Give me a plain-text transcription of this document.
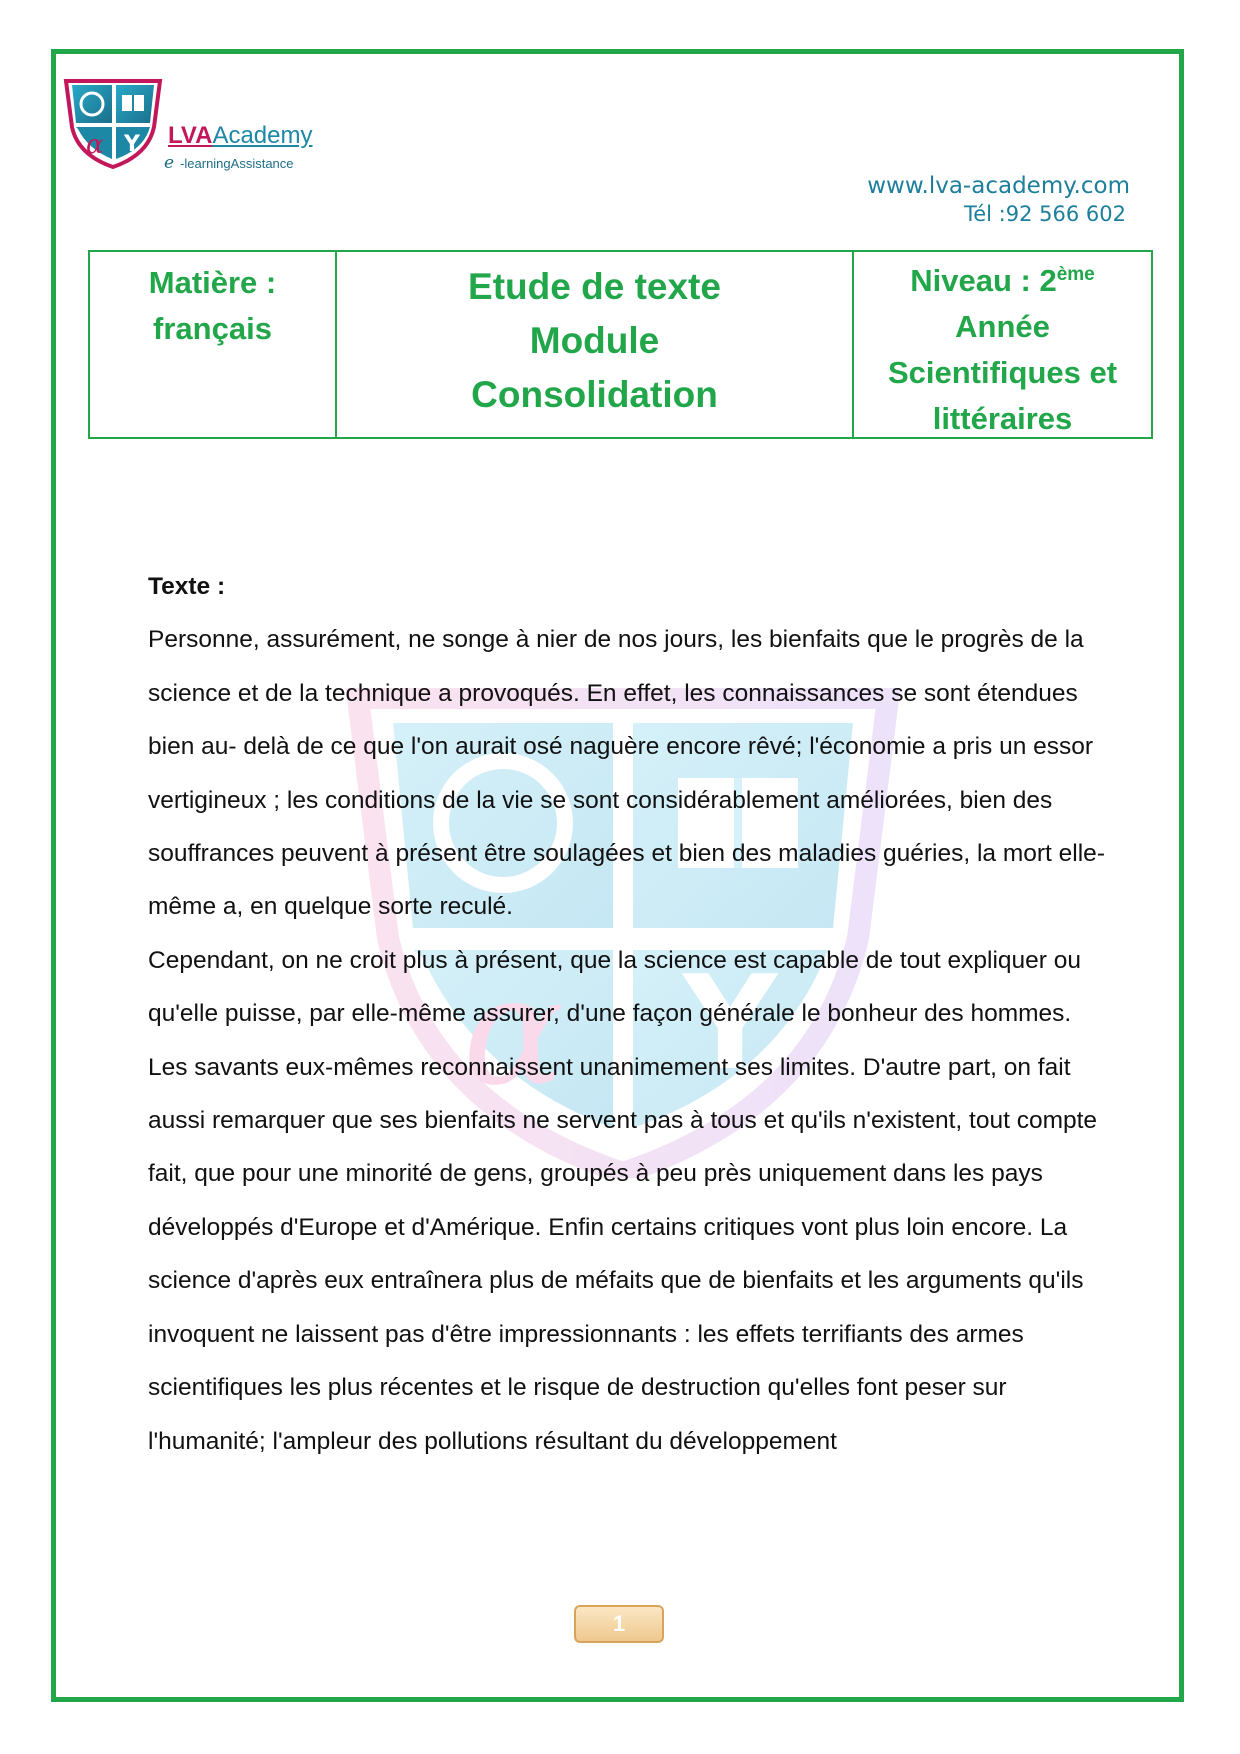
α Y LVAAcademy
e -learningAssistance
www.lva-academy.com
Tél :92 566 602
Matière :
français
Etude de texte
Module
Consolidation
Niveau : 2ème
Année
Scientifiques et
littéraires
α Y
Texte :

Personne, assurément, ne songe à nier de nos jours, les bienfaits que le progrès de la science et de la technique a provoqués. En effet, les connaissances se sont étendues bien au- delà de ce que l'on aurait osé naguère encore rêvé; l'économie a pris un essor vertigineux ; les conditions de la vie se sont considérablement améliorées, bien des souffrances peuvent à présent être soulagées et bien des maladies guéries, la mort elle-même a, en quelque sorte reculé.

Cependant, on ne croit plus à présent, que la science est capable de tout expliquer ou qu'elle puisse, par elle-même assurer, d'une façon générale le bonheur des hommes. Les savants eux-mêmes reconnaissent unanimement ses limites. D'autre part, on fait aussi remarquer que ses bienfaits ne servent pas à tous et qu'ils n'existent, tout compte fait, que pour une minorité de gens, groupés à peu près uniquement dans les pays développés d'Europe et d'Amérique. Enfin certains critiques vont plus loin encore. La science d'après eux entraînera plus de méfaits que de bienfaits et les arguments qu'ils invoquent ne laissent pas d'être impressionnants : les effets terrifiants des armes scientifiques les plus récentes et le risque de destruction qu'elles font peser sur l'humanité; l'ampleur des pollutions résultant du développement

1
